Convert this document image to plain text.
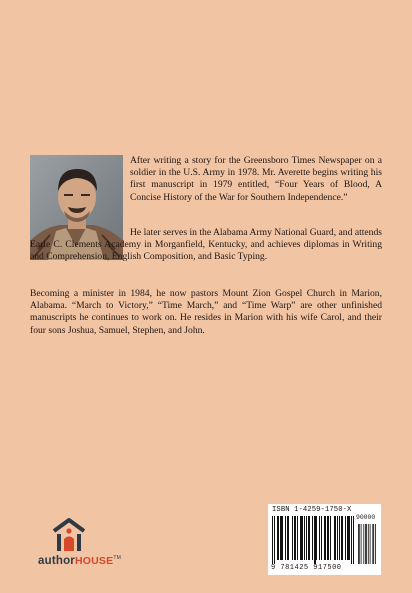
After writing a story for the Greensboro Times Newspaper on a soldier in the U.S. Army in 1978. Mr. Averette begins writing his first manuscript in 1979 entitled, “Four Years of Blood, A Concise History of the War for Southern Independence.”

He later serves in the Alabama Army National Guard, and attends Earle C. Clements Academy in Morganfield, Kentucky, and achieves diplomas in Writing and Comprehension, English Composition, and Basic Typing.

Becoming a minister in 1984, he now pastors Mount Zion Gospel Church in Marion, Alabama. “March to Victory,” “Time March,” and “Time Warp” are other unfinished manuscripts he continues to work on. He resides in Marion with his wife Carol, and their four sons Joshua, Samuel, Stephen, and John.

authorHOUSE™
ISBN 1-4259-1750-X
90000
9 781425 917500
